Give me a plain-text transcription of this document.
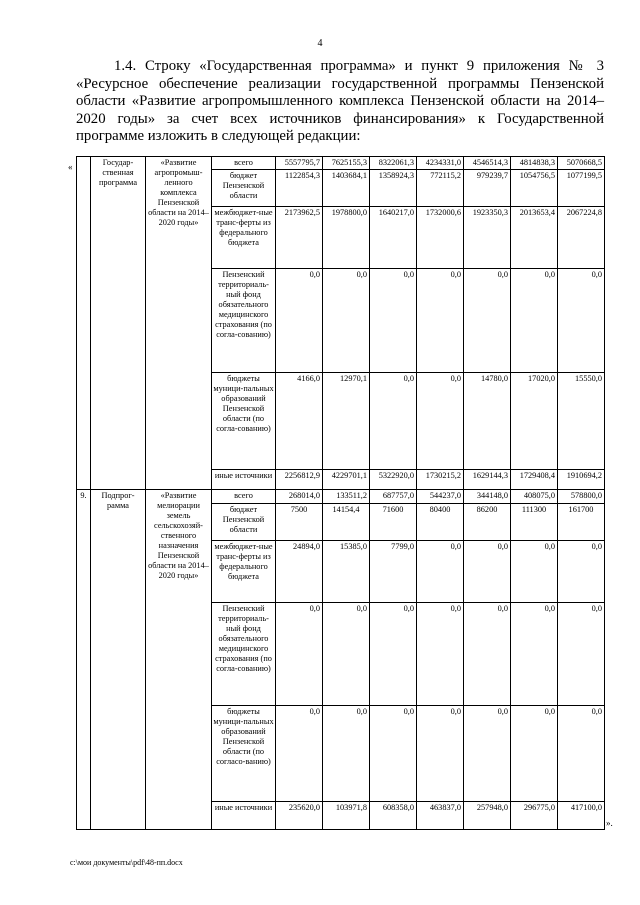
4

1.4. Строку «Государственная программа» и пункт 9 приложения № 3 «Ресурсное обеспечение реализации государственной программы Пензенской области «Развитие агропромышленного комплекса Пензенской области на 2014–2020 годы» за счет всех источников финансирования» к Государственной программе изложить в следующей редакции:

«
		Государ-ственная программа	«Развитие агропромыш-ленного комплекса Пензенской области на 2014–2020 годы»	всего	5557795,7	7625155,3	8322061,3	4234331,0	4546514,3	4814838,3	5070668,5
			бюджет Пензенской области	1122854,3	1403684,1	1358924,3	772115,2	979239,7	1054756,5	1077199,5
			межбюджет-ные транс-ферты из федерального бюджета	2173962,5	1978800,0	1640217,0	1732000,6	1923350,3	2013653,4	2067224,8
			Пензенский территориаль-ный фонд обязательного медицинского страхования (по согла-сованию)	0,0	0,0	0,0	0,0	0,0	0,0	0,0
			бюджеты муници-пальных образований Пензенской области (по согла-сованию)	4166,0	12970,1	0,0	0,0	14780,0	17020,0	15550,0
			иные источники	2256812,9	4229701,1	5322920,0	1730215,2	1629144,3	1729408,4	1910694,2
9.	Подпрог-рамма	«Развитие мелиорации земель сельскохозяй-ственного назначения Пензенской области на 2014–2020 годы»	всего	268014,0	133511,2	687757,0	544237,0	344148,0	408075,0	578800,0
			бюджет Пензенской области	7500	14154,4	71600	80400	86200	111300	161700
			межбюджет-ные транс-ферты из федерального бюджета	24894,0	15385,0	7799,0	0,0	0,0	0,0	0,0
			Пензенский территориаль-ный фонд обязательного медицинского страхования (по согла-сованию)	0,0	0,0	0,0	0,0	0,0	0,0	0,0
			бюджеты муници-пальных образований Пензенской области (по согласо-ванию)	0,0	0,0	0,0	0,0	0,0	0,0	0,0
			иные источники	235620,0	103971,8	608358,0	463837,0	257948,0	296775,0	417100,0
».
c:\мои документы\pdf\48-пп.docx
